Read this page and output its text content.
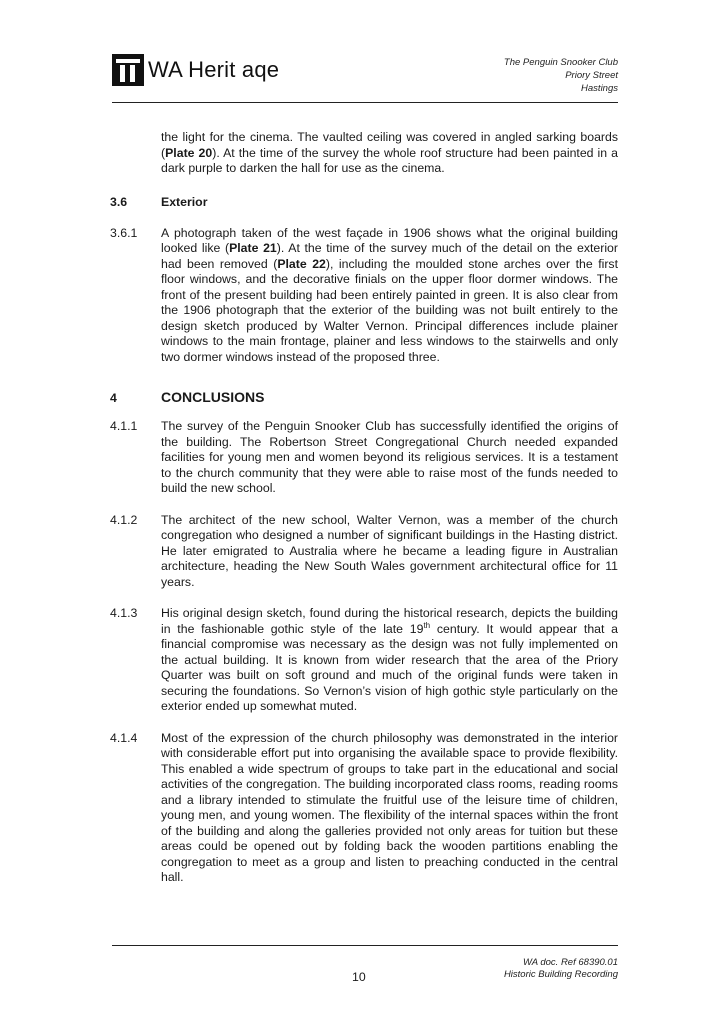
WA Herit aqe	The Penguin Snooker Club
Priory Street
Hastings
the light for the cinema. The vaulted ceiling was covered in angled sarking boards (Plate 20). At the time of the survey the whole roof structure had been painted in a dark purple to darken the hall for use as the cinema.
3.6	Exterior
3.6.1	A photograph taken of the west façade in 1906 shows what the original building looked like (Plate 21). At the time of the survey much of the detail on the exterior had been removed (Plate 22), including the moulded stone arches over the first floor windows, and the decorative finials on the upper floor dormer windows. The front of the present building had been entirely painted in green. It is also clear from the 1906 photograph that the exterior of the building was not built entirely to the design sketch produced by Walter Vernon. Principal differences include plainer windows to the main frontage, plainer and less windows to the stairwells and only two dormer windows instead of the proposed three.
4	CONCLUSIONS
4.1.1	The survey of the Penguin Snooker Club has successfully identified the origins of the building. The Robertson Street Congregational Church needed expanded facilities for young men and women beyond its religious services. It is a testament to the church community that they were able to raise most of the funds needed to build the new school.
4.1.2	The architect of the new school, Walter Vernon, was a member of the church congregation who designed a number of significant buildings in the Hasting district. He later emigrated to Australia where he became a leading figure in Australian architecture, heading the New South Wales government architectural office for 11 years.
4.1.3	His original design sketch, found during the historical research, depicts the building in the fashionable gothic style of the late 19th century. It would appear that a financial compromise was necessary as the design was not fully implemented on the actual building. It is known from wider research that the area of the Priory Quarter was built on soft ground and much of the original funds were taken in securing the foundations. So Vernon’s vision of high gothic style particularly on the exterior ended up somewhat muted.
4.1.4	Most of the expression of the church philosophy was demonstrated in the interior with considerable effort put into organising the available space to provide flexibility. This enabled a wide spectrum of groups to take part in the educational and social activities of the congregation. The building incorporated class rooms, reading rooms and a library intended to stimulate the fruitful use of the leisure time of children, young men, and young women. The flexibility of the internal spaces within the front of the building and along the galleries provided not only areas for tuition but these areas could be opened out by folding back the wooden partitions enabling the congregation to meet as a group and listen to preaching conducted in the central hall.
WA doc. Ref 68390.01
Historic Building Recording
10
